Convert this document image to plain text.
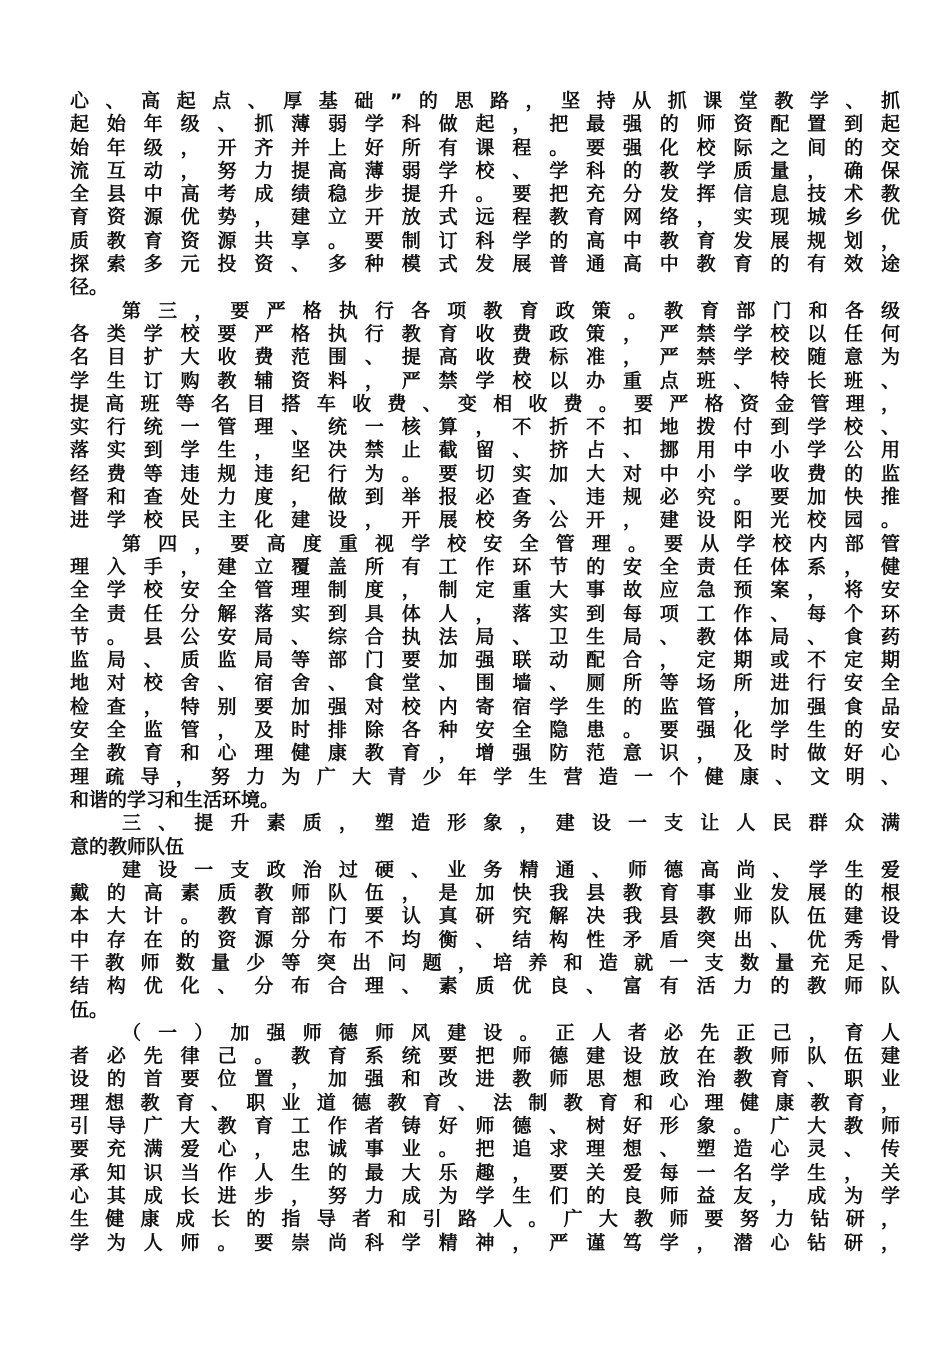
心、高起点、厚基础”的思路，坚持从抓课堂教学、抓
起始年级、抓薄弱学科做起，把最强的师资配置到起
始年级，开齐并上好所有课程。要强化校际之间的交
流互动，努力提高薄弱学校、学科的教学质量，确保
全县中高考成绩稳步提升。要把充分发挥信息技术教
育资源优势，建立开放式远程教育网络，实现城乡优
质教育资源共享。要制订科学的高中教育发展规划，
探索多元投资、多种模式发展普通高中教育的有效途
径。
第三，要严格执行各项教育政策。教育部门和各级
各类学校要严格执行教育收费政策，严禁学校以任何
名目扩大收费范围、提高收费标准，严禁学校随意为
学生订购教辅资料，严禁学校以办重点班、特长班、
提高班等名目搭车收费、变相收费。要严格资金管理，
实行统一管理、统一核算，不折不扣地拨付到学校、
落实到学生，坚决禁止截留、挤占、挪用中小学公用
经费等违规违纪行为。要切实加大对中小学收费的监
督和查处力度，做到举报必查、违规必究。要加快推
进学校民主化建设，开展校务公开，建设阳光校园。
第四，要高度重视学校安全管理。要从学校内部管
理入手，建立覆盖所有工作环节的安全责任体系，健
全学校安全管理制度，制定重大事故应急预案，将安
全责任分解落实到具体人，落实到每项工作、每个环
节。县公安局、综合执法局、卫生局、教体局、食药
监局、质监局等部门要加强联动配合，定期或不定期
地对校舍、宿舍、食堂、围墙、厕所等场所进行安全
检查，特别要加强对校内寄宿学生的监管，加强食品
安全监管，及时排除各种安全隐患。要强化学生的安
全教育和心理健康教育，增强防范意识，及时做好心
理疏导，努力为广大青少年学生营造一个健康、文明、
和谐的学习和生活环境。
三、提升素质，塑造形象，建设一支让人民群众满
意的教师队伍
建设一支政治过硬、业务精通、师德高尚、学生爱
戴的高素质教师队伍，是加快我县教育事业发展的根
本大计。教育部门要认真研究解决我县教师队伍建设
中存在的资源分布不均衡、结构性矛盾突出、优秀骨
干教师数量少等突出问题，培养和造就一支数量充足、
结构优化、分布合理、素质优良、富有活力的教师队
伍。
（一）加强师德师风建设。正人者必先正己，育人
者必先律己。教育系统要把师德建设放在教师队伍建
设的首要位置，加强和改进教师思想政治教育、职业
理想教育、职业道德教育、法制教育和心理健康教育，
引导广大教育工作者铸好师德、树好形象。广大教师
要充满爱心，忠诚事业。把追求理想、塑造心灵、传
承知识当作人生的最大乐趣，要关爱每一名学生，关
心其成长进步，努力成为学生们的良师益友，成为学
生健康成长的指导者和引路人。广大教师要努力钻研，
学为人师。要崇尚科学精神，严谨笃学，潜心钻研，
